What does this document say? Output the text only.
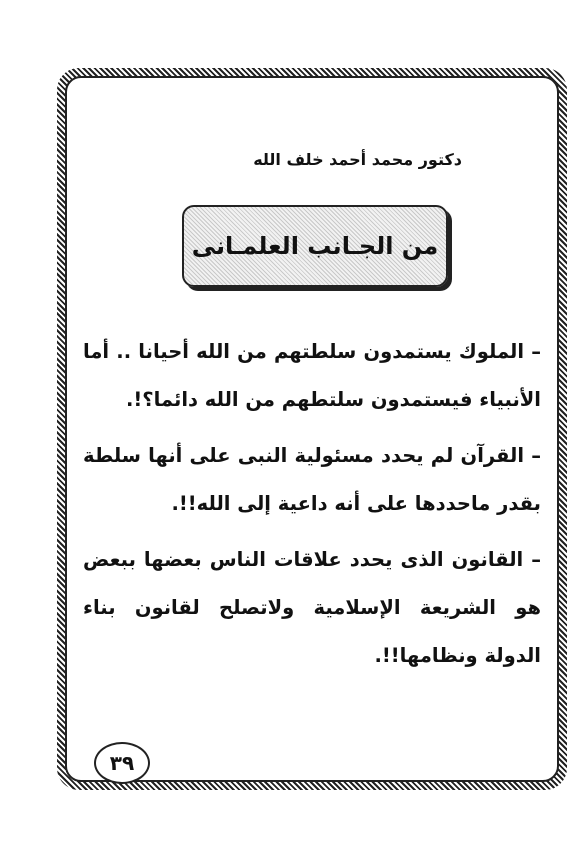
دكتور محمد أحمد خلف الله
من الجـانب العلمـانى

– الملوك يستمدون سلطتهم من الله أحيانا .. أما الأنبياء فيستمدون سلتطهم من الله دائما؟!.

– القرآن لم يحدد مسئولية النبى على أنها سلطة بقدر ماحددها على أنه داعية إلى الله!!.

– القانون الذى يحدد علاقات الناس بعضها ببعض هو الشريعة الإسلامية ولاتصلح لقانون بناء الدولة ونظامها!!.

٣٩
